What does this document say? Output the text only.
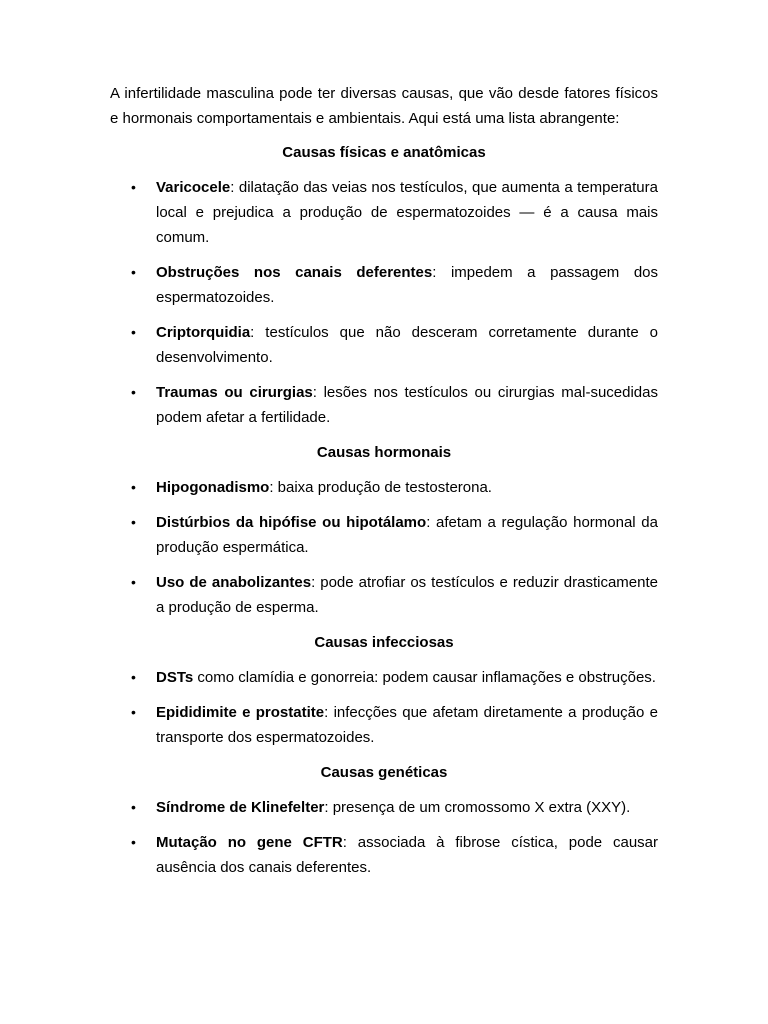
A infertilidade masculina pode ter diversas causas, que vão desde fatores físicos e hormonais comportamentais e ambientais. Aqui está uma lista abrangente:

Causas físicas e anatômicas
• Varicocele: dilatação das veias nos testículos, que aumenta a temperatura local e prejudica a produção de espermatozoides — é a causa mais comum.
• Obstruções nos canais deferentes: impedem a passagem dos espermatozoides.
• Criptorquidia: testículos que não desceram corretamente durante o desenvolvimento.
• Traumas ou cirurgias: lesões nos testículos ou cirurgias mal-sucedidas podem afetar a fertilidade.
Causas hormonais
• Hipogonadismo: baixa produção de testosterona.
• Distúrbios da hipófise ou hipotálamo: afetam a regulação hormonal da produção espermática.
• Uso de anabolizantes: pode atrofiar os testículos e reduzir drasticamente a produção de esperma.
Causas infecciosas
• DSTs como clamídia e gonorreia: podem causar inflamações e obstruções.
• Epididimite e prostatite: infecções que afetam diretamente a produção e transporte dos espermatozoides.
Causas genéticas
• Síndrome de Klinefelter: presença de um cromossomo X extra (XXY).
• Mutação no gene CFTR: associada à fibrose cística, pode causar ausência dos canais deferentes.
